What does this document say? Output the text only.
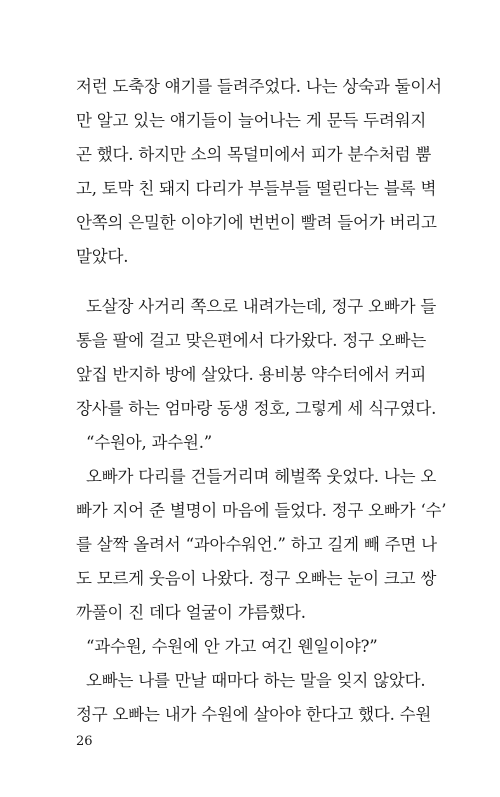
저런 도축장 얘기를 들려주었다. 나는 상숙과 둘이서
만 알고 있는 얘기들이 늘어나는 게 문득 두려워지
곤 했다. 하지만 소의 목덜미에서 피가 분수처럼 뿜
고, 토막 친 돼지 다리가 부들부들 떨린다는 블록 벽
안쪽의 은밀한 이야기에 번번이 빨려 들어가 버리고
말았다.
도살장 사거리 쪽으로 내려가는데, 정구 오빠가 들
통을 팔에 걸고 맞은편에서 다가왔다. 정구 오빠는
앞집 반지하 방에 살았다. 용비봉 약수터에서 커피
장사를 하는 엄마랑 동생 정호, 그렇게 세 식구였다.
“수원아, 과수원.”
오빠가 다리를 건들거리며 헤벌쭉 웃었다. 나는 오
빠가 지어 준 별명이 마음에 들었다. 정구 오빠가 ‘수’
를 살짝 올려서 “과아수워언.” 하고 길게 빼 주면 나
도 모르게 웃음이 나왔다. 정구 오빠는 눈이 크고 쌍
까풀이 진 데다 얼굴이 갸름했다.
“과수원, 수원에 안 가고 여긴 웬일이야?”
오빠는 나를 만날 때마다 하는 말을 잊지 않았다.
정구 오빠는 내가 수원에 살아야 한다고 했다. 수원
26
